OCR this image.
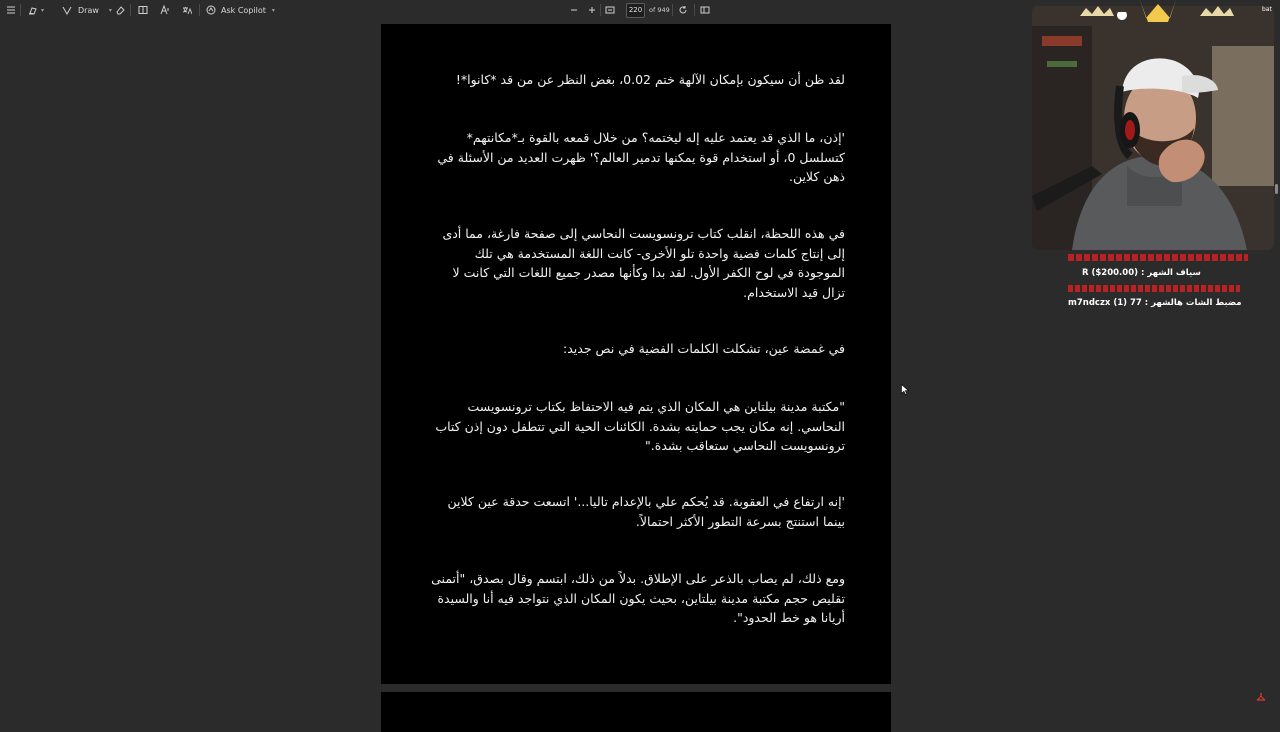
▾	Draw ▾	Ask Copilot ▾
220	of 949

لقد ظن أن سيكون بإمكان الآلهة ختم 0.02، بغض النظر عن من قد *كانوا*!

'إذن، ما الذي قد يعتمد عليه إله ليختمه؟ من خلال قمعه بالقوة بـ*مكانتهم* كتسلسل 0، أو استخدام قوة يمكنها تدمير العالم؟' ظهرت العديد من الأسئلة في ذهن كلاين.

في هذه اللحظة، انقلب كتاب ترونسويست النحاسي إلى صفحة فارغة، مما أدى إلى إنتاج كلمات فضية واحدة تلو الأخرى- كانت اللغة المستخدمة هي تلك الموجودة في لوح الكفر الأول. لقد بدا وكأنها مصدر جميع اللغات التي كانت لا تزال قيد الاستخدام.

في غمضة عين، تشكلت الكلمات الفضية في نص جديد:

"مكتبة مدينة بيلتاين هي المكان الذي يتم فيه الاحتفاظ بكتاب ترونسويست النحاسي. إنه مكان يجب حمايته بشدة. الكائنات الحية التي تتطفل دون إذن كتاب ترونسويست النحاسي ستعاقب بشدة."

'إنه ارتفاع في العقوبة. قد يُحكم علي بالإعدام تاليا...' اتسعت حدقة عين كلاين بينما استنتج بسرعة التطور الأكثر احتمالاً.

ومع ذلك، لم يصاب بالذعر على الإطلاق. بدلاً من ذلك، ابتسم وقال بصدق، "أتمنى تقليص حجم مكتبة مدينة بيلتاين، بحيث يكون المكان الذي نتواجد فيه أنا والسيدة أريانا هو خط الحدود".

bat
سياف الشهر : R ($200.00)
مضبط الشات هالشهر : m7ndczx (1) 77
